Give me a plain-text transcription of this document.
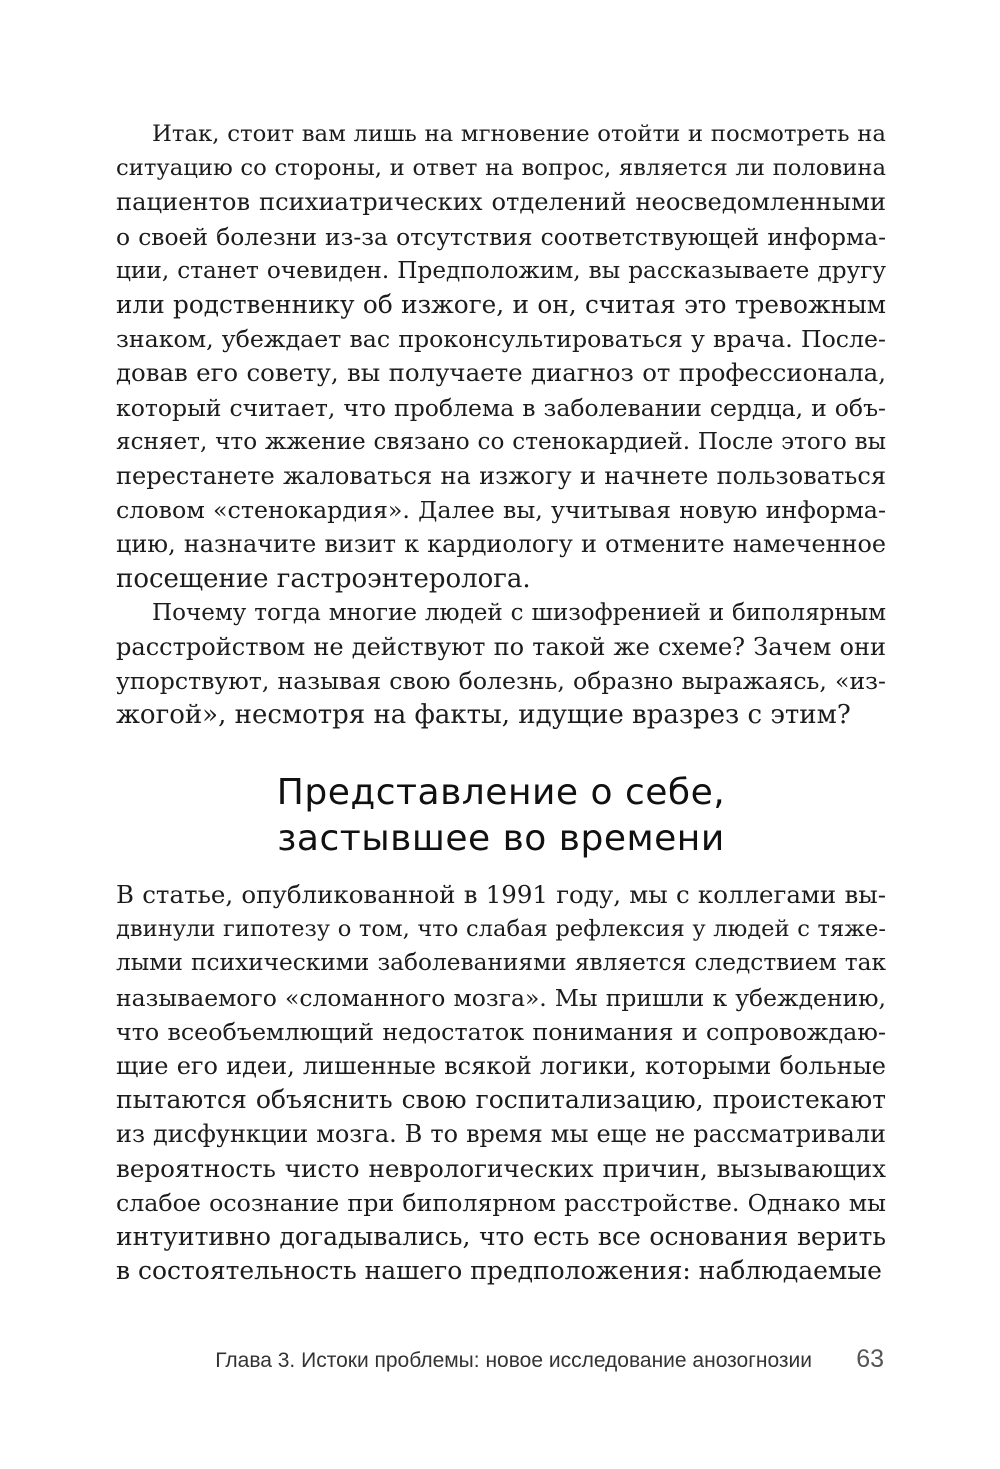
Итак, стоит вам лишь на мгновение отойти и посмотреть на
ситуацию со стороны, и ответ на вопрос, является ли половина
пациентов психиатрических отделений неосведомленными
о своей болезни из-за отсутствия соответствующей информа-
ции, станет очевиден. Предположим, вы рассказываете другу
или родственнику об изжоге, и он, считая это тревожным
знаком, убеждает вас проконсультироваться у врача. После-
довав его совету, вы получаете диагноз от профессионала,
который считает, что проблема в заболевании сердца, и объ-
ясняет, что жжение связано со стенокардией. После этого вы
перестанете жаловаться на изжогу и начнете пользоваться
словом «стенокардия». Далее вы, учитывая новую информа-
цию, назначите визит к кардиологу и отмените намеченное
посещение гастроэнтеролога.

Почему тогда многие людей с шизофренией и биполярным
расстройством не действуют по такой же схеме? Зачем они
упорствуют, называя свою болезнь, образно выражаясь, «из-
жогой», несмотря на факты, идущие вразрез с этим?

Представление о себе,
застывшее во времени

В статье, опубликованной в 1991 году, мы с коллегами вы-
двинули гипотезу о том, что слабая рефлексия у людей с тяже-
лыми психическими заболеваниями является следствием так
называемого «сломанного мозга». Мы пришли к убеждению,
что всеобъемлющий недостаток понимания и сопровождаю-
щие его идеи, лишенные всякой логики, которыми больные
пытаются объяснить свою госпитализацию, проистекают
из дисфункции мозга. В то время мы еще не рассматривали
вероятность чисто неврологических причин, вызывающих
слабое осознание при биполярном расстройстве. Однако мы
интуитивно догадывались, что есть все основания верить
в состоятельность нашего предположения: наблюдаемые

Глава 3. Истоки проблемы: новое исследование анозогнозии 63
